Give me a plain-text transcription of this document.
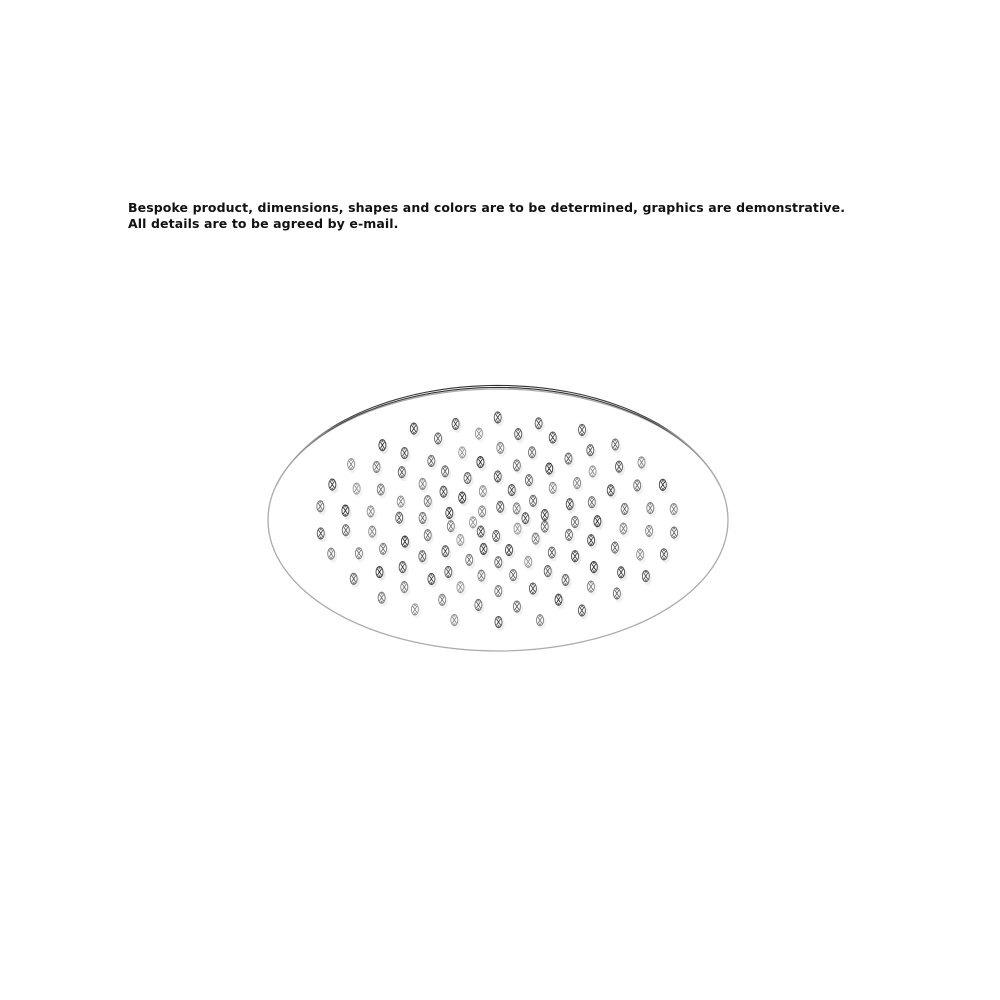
Bespoke product, dimensions, shapes and colors are to be determined, graphics are demonstrative.
All details are to be agreed by e-mail.
